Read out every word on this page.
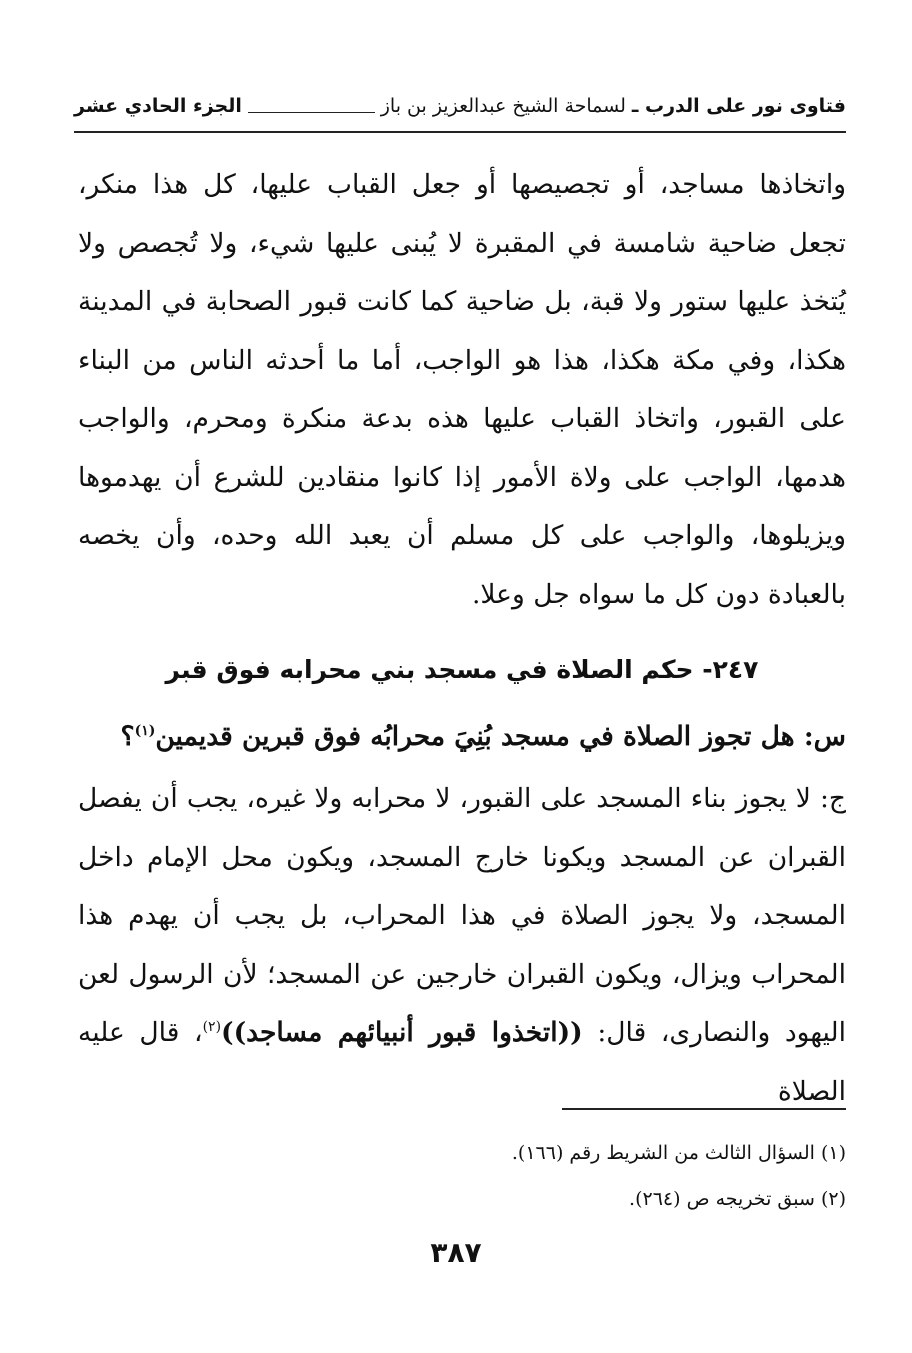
فتاوى نور على الدرب ـ
لسماحة الشيخ عبدالعزيز بن باز
الجزء الحادي عشر
واتخاذها مساجد، أو تجصيصها أو جعل القباب عليها، كل هذا منكر، تجعل ضاحية شامسة في المقبرة لا يُبنى عليها شيء، ولا تُجصص ولا يُتخذ عليها ستور ولا قبة، بل ضاحية كما كانت قبور الصحابة في المدينة هكذا، وفي مكة هكذا، هذا هو الواجب، أما ما أحدثه الناس من البناء على القبور، واتخاذ القباب عليها هذه بدعة منكرة ومحرم، والواجب هدمها، الواجب على ولاة الأمور إذا كانوا منقادين للشرع أن يهدموها ويزيلوها، والواجب على كل مسلم أن يعبد الله وحده، وأن يخصه بالعبادة دون كل ما سواه جل وعلا.
٢٤٧- حكم الصلاة في مسجد بني محرابه فوق قبر
س: هل تجوز الصلاة في مسجد بُنِيَ محرابُه فوق قبرين قديمين$^{(١)}$؟
ج: لا يجوز بناء المسجد على القبور، لا محرابه ولا غيره، يجب أن يفصل القبران عن المسجد ويكونا خارج المسجد، ويكون محل الإمام داخل المسجد، ولا يجوز الصلاة في هذا المحراب، بل يجب أن يهدم هذا المحراب ويزال، ويكون القبران خارجين عن المسجد؛ لأن الرسول لعن اليهود والنصارى، قال: ((اتخذوا قبور أنبيائهم مساجد))$^{(٢)}$، قال عليه الصلاة
(١) السؤال الثالث من الشريط رقم (١٦٦).
(٢) سبق تخريجه ص (٢٦٤).
٣٨٧
